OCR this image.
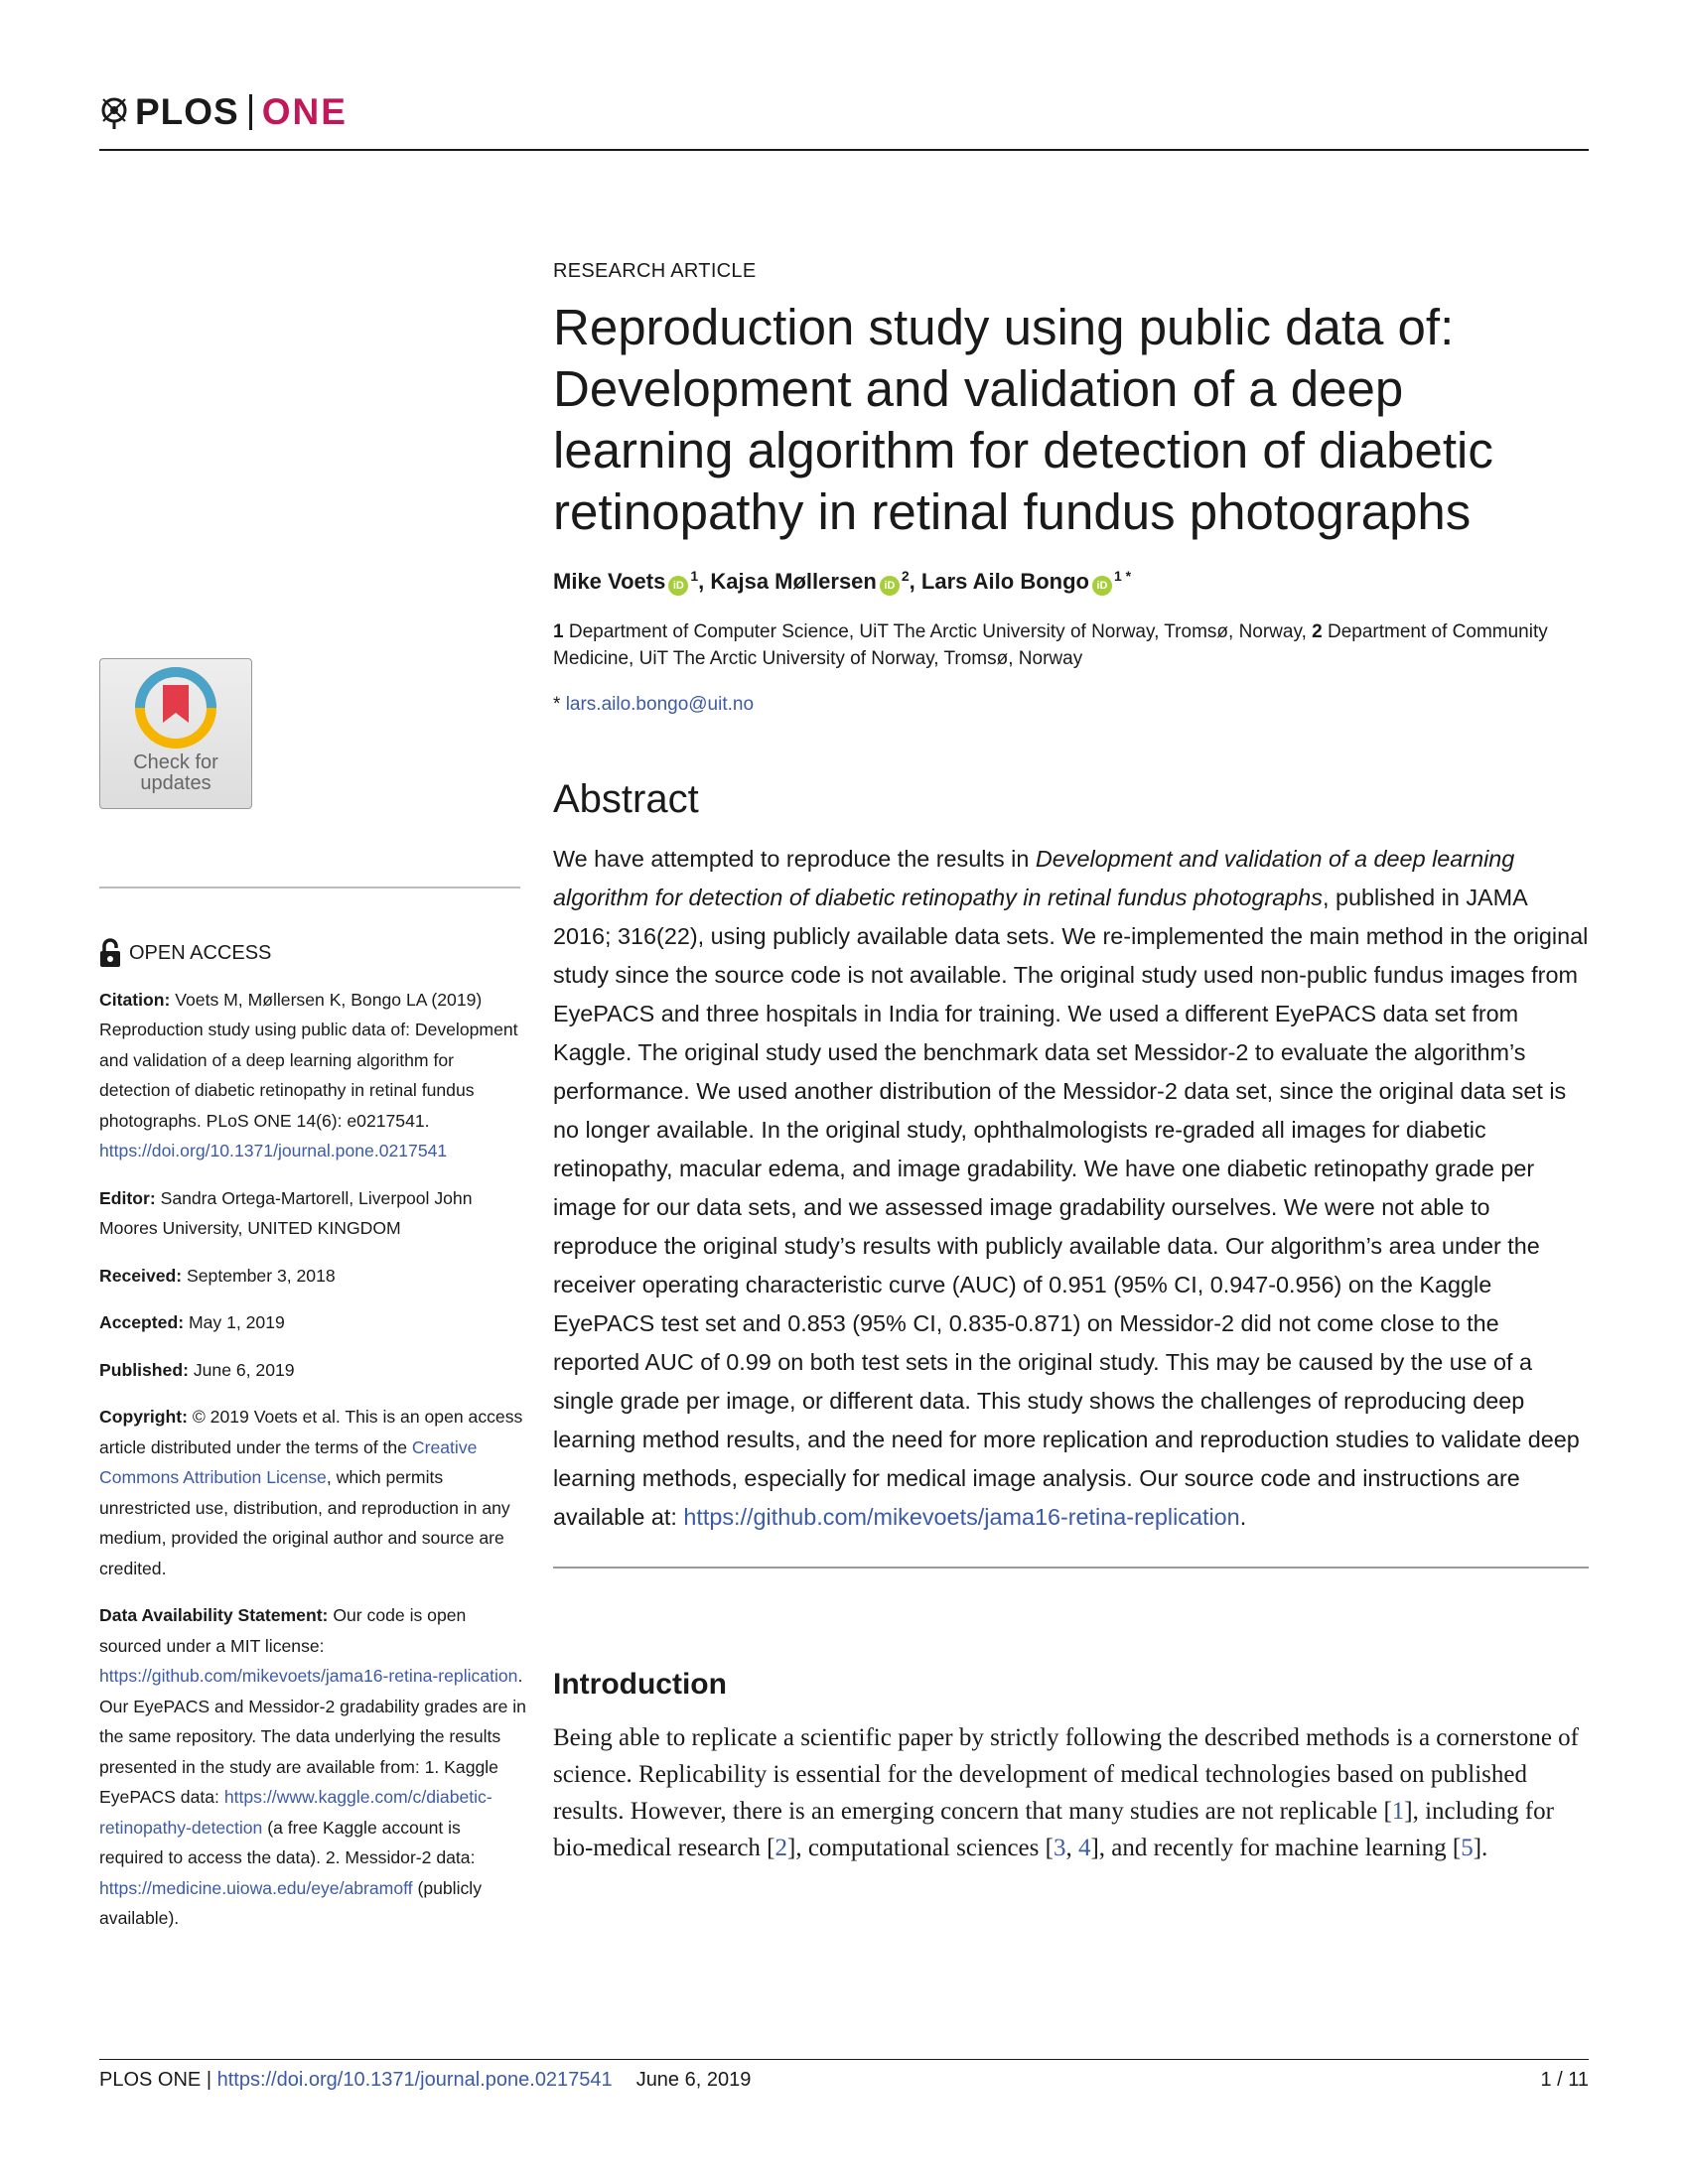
PLOS ONE
Check for updates
OPEN ACCESS

Citation: Voets M, Møllersen K, Bongo LA (2019) Reproduction study using public data of: Development and validation of a deep learning algorithm for detection of diabetic retinopathy in retinal fundus photographs. PLoS ONE 14(6): e0217541. https://doi.org/10.1371/journal.pone.0217541

Editor: Sandra Ortega-Martorell, Liverpool John Moores University, UNITED KINGDOM

Received: September 3, 2018

Accepted: May 1, 2019

Published: June 6, 2019

Copyright: © 2019 Voets et al. This is an open access article distributed under the terms of the Creative Commons Attribution License, which permits unrestricted use, distribution, and reproduction in any medium, provided the original author and source are credited.

Data Availability Statement: Our code is open sourced under a MIT license: https://github.com/mikevoets/jama16-retina-replication. Our EyePACS and Messidor-2 gradability grades are in the same repository. The data underlying the results presented in the study are available from: 1. Kaggle EyePACS data: https://www.kaggle.com/c/diabetic-retinopathy-detection (a free Kaggle account is required to access the data). 2. Messidor-2 data: https://medicine.uiowa.edu/eye/abramoff (publicly available).

RESEARCH ARTICLE
Reproduction study using public data of: Development and validation of a deep learning algorithm for detection of diabetic retinopathy in retinal fundus photographs
Mike Voets iD
$^1$ , Kajsa Møllersen iD
$^2$ , Lars Ailo Bongo iD
$^{1 *}$
1 Department of Computer Science, UiT The Arctic University of Norway, Tromsø, Norway, 2 Department of Community Medicine, UiT The Arctic University of Norway, Tromsø, Norway
* lars.ailo.bongo@uit.no
Abstract
We have attempted to reproduce the results in Development and validation of a deep learning algorithm for detection of diabetic retinopathy in retinal fundus photographs, published in JAMA 2016; 316(22), using publicly available data sets. We re-implemented the main method in the original study since the source code is not available. The original study used non-public fundus images from EyePACS and three hospitals in India for training. We used a different EyePACS data set from Kaggle. The original study used the benchmark data set Messidor-2 to evaluate the algorithm’s performance. We used another distribution of the Messidor-2 data set, since the original data set is no longer available. In the original study, ophthalmologists re-graded all images for diabetic retinopathy, macular edema, and image gradability. We have one diabetic retinopathy grade per image for our data sets, and we assessed image gradability ourselves. We were not able to reproduce the original study’s results with publicly available data. Our algorithm’s area under the receiver operating characteristic curve (AUC) of 0.951 (95% CI, 0.947-0.956) on the Kaggle EyePACS test set and 0.853 (95% CI, 0.835-0.871) on Messidor-2 did not come close to the reported AUC of 0.99 on both test sets in the original study. This may be caused by the use of a single grade per image, or different data. This study shows the challenges of reproducing deep learning method results, and the need for more replication and reproduction studies to validate deep learning methods, especially for medical image analysis. Our source code and instructions are available at: https://github.com/mikevoets/jama16-retina-replication.
Introduction
Being able to replicate a scientific paper by strictly following the described methods is a cornerstone of science. Replicability is essential for the development of medical technologies based on published results. However, there is an emerging concern that many studies are not replicable [1], including for bio-medical research [2], computational sciences [3, 4], and recently for machine learning [5].
PLOS ONE | https://doi.org/10.1371/journal.pone.0217541 June 6, 2019	1 / 11
